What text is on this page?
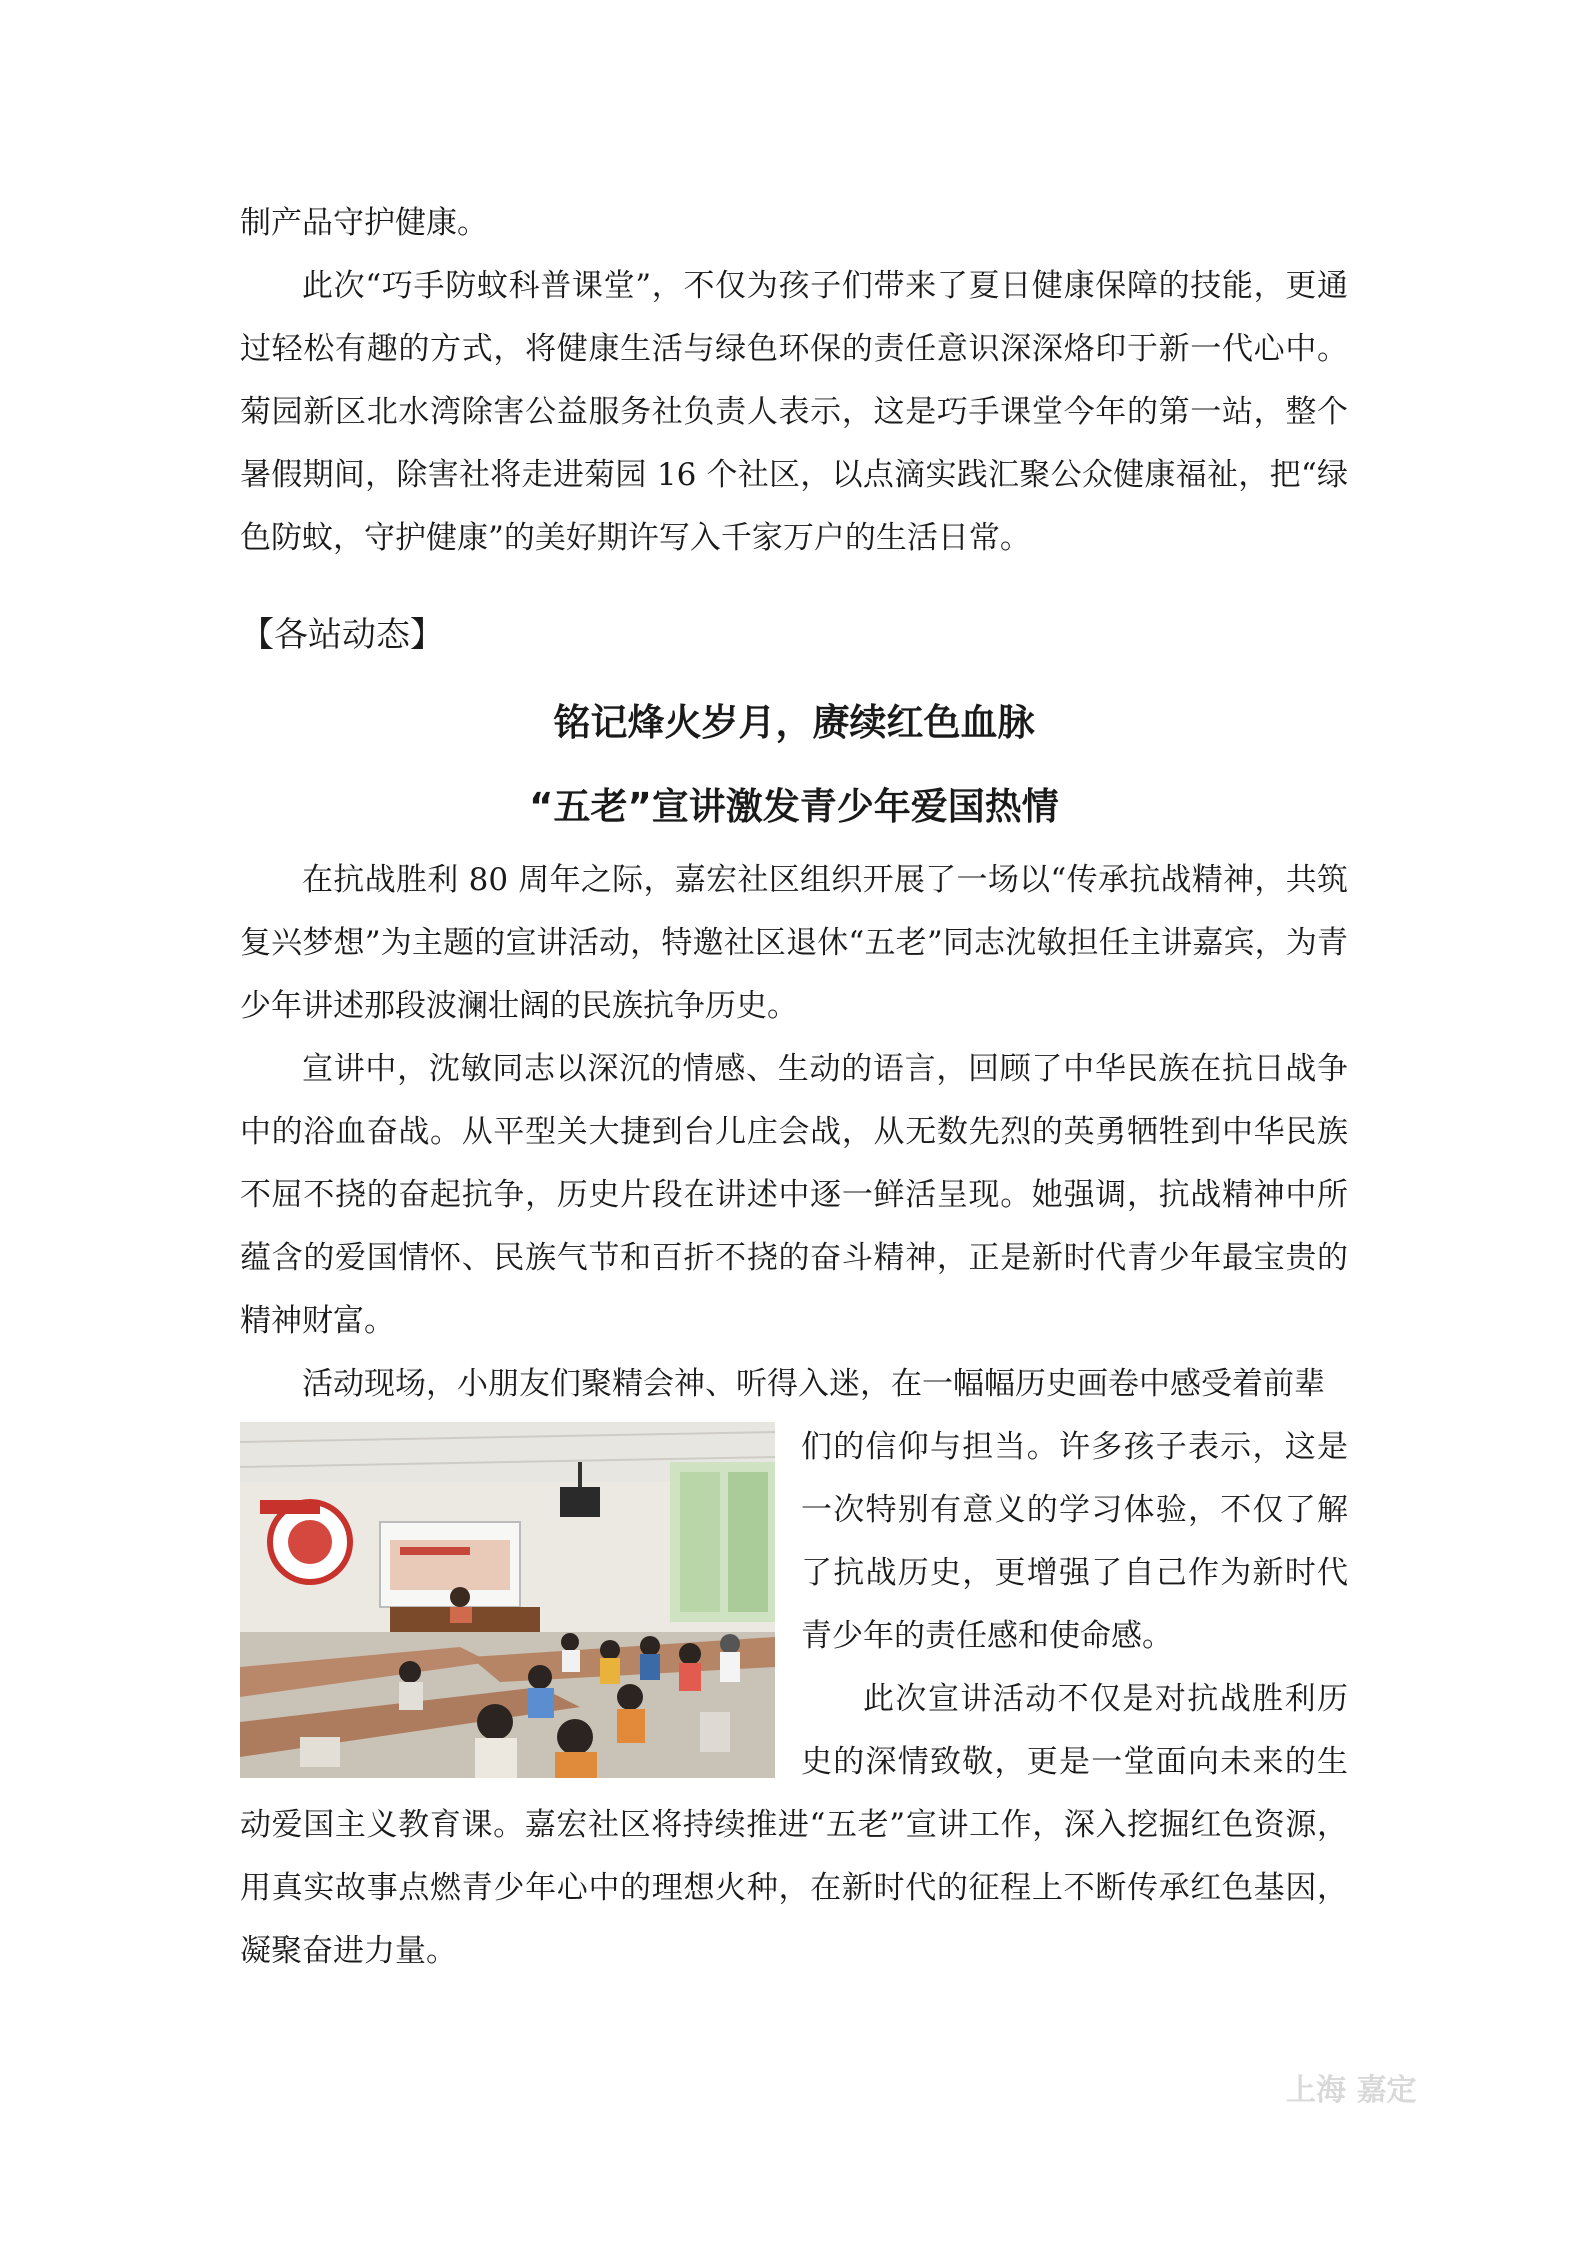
制产品守护健康。

此次“巧手防蚊科普课堂”，不仅为孩子们带来了夏日健康保障的技能，更通过轻松有趣的方式，将健康生活与绿色环保的责任意识深深烙印于新一代心中。菊园新区北水湾除害公益服务社负责人表示，这是巧手课堂今年的第一站，整个暑假期间，除害社将走进菊园 16 个社区，以点滴实践汇聚公众健康福祉，把“绿色防蚊，守护健康”的美好期许写入千家万户的生活日常。

【各站动态】
铭记烽火岁月，赓续红色血脉
“五老”宣讲激发青少年爱国热情

在抗战胜利 80 周年之际，嘉宏社区组织开展了一场以“传承抗战精神，共筑复兴梦想”为主题的宣讲活动，特邀社区退休“五老”同志沈敏担任主讲嘉宾，为青少年讲述那段波澜壮阔的民族抗争历史。

宣讲中，沈敏同志以深沉的情感、生动的语言，回顾了中华民族在抗日战争中的浴血奋战。从平型关大捷到台儿庄会战，从无数先烈的英勇牺牲到中华民族不屈不挠的奋起抗争，历史片段在讲述中逐一鲜活呈现。她强调，抗战精神中所蕴含的爱国情怀、民族气节和百折不挠的奋斗精神，正是新时代青少年最宝贵的精神财富。

活动现场，小朋友们聚精会神、听得入迷，在一幅幅历史画卷中感受着前辈

们的信仰与担当。许多孩子表示，这是一次特别有意义的学习体验，不仅了解了抗战历史，更增强了自己作为新时代青少年的责任感和使命感。

此次宣讲活动不仅是对抗战胜利历史的深情致敬，更是一堂面向未来的生动爱国主义教育课。嘉宏社区将持续推进“五老”宣讲工作，深入挖掘红色资源，用真实故事点燃青少年心中的理想火种，在新时代的征程上不断传承红色基因，凝聚奋进力量。

上海 嘉定
